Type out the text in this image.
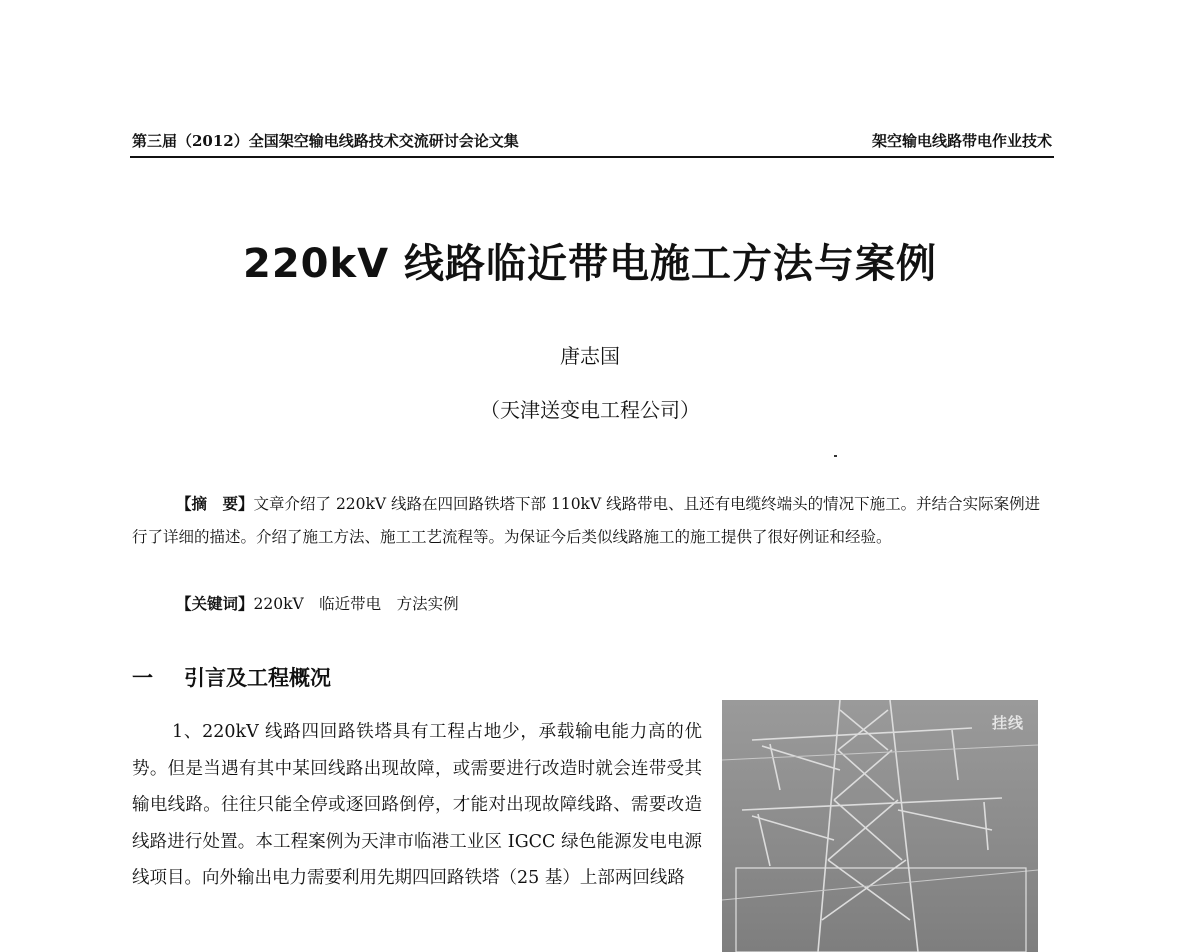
第三届（2012）全国架空输电线路技术交流研讨会论文集	架空输电线路带电作业技术
220kV 线路临近带电施工方法与案例
唐志国
（天津送变电工程公司）

【摘　要】文章介绍了 220kV 线路在四回路铁塔下部 110kV 线路带电、且还有电缆终端头的情况下施工。并结合实际案例进行了详细的描述。介绍了施工方法、施工工艺流程等。为保证今后类似线路施工的施工提供了很好例证和经验。

【关键词】220kV　临近带电　方法实例
一 引言及工程概况

1、220kV 线路四回路铁塔具有工程占地少，承载输电能力高的优势。但是当遇有其中某回线路出现故障，或需要进行改造时就会连带受其输电线路。往往只能全停或逐回路倒停，才能对出现故障线路、需要改造线路进行处置。本工程案例为天津市临港工业区 IGCC 绿色能源发电电源线项目。向外输出电力需要利用先期四回路铁塔（25 基）上部两回线路

挂线
